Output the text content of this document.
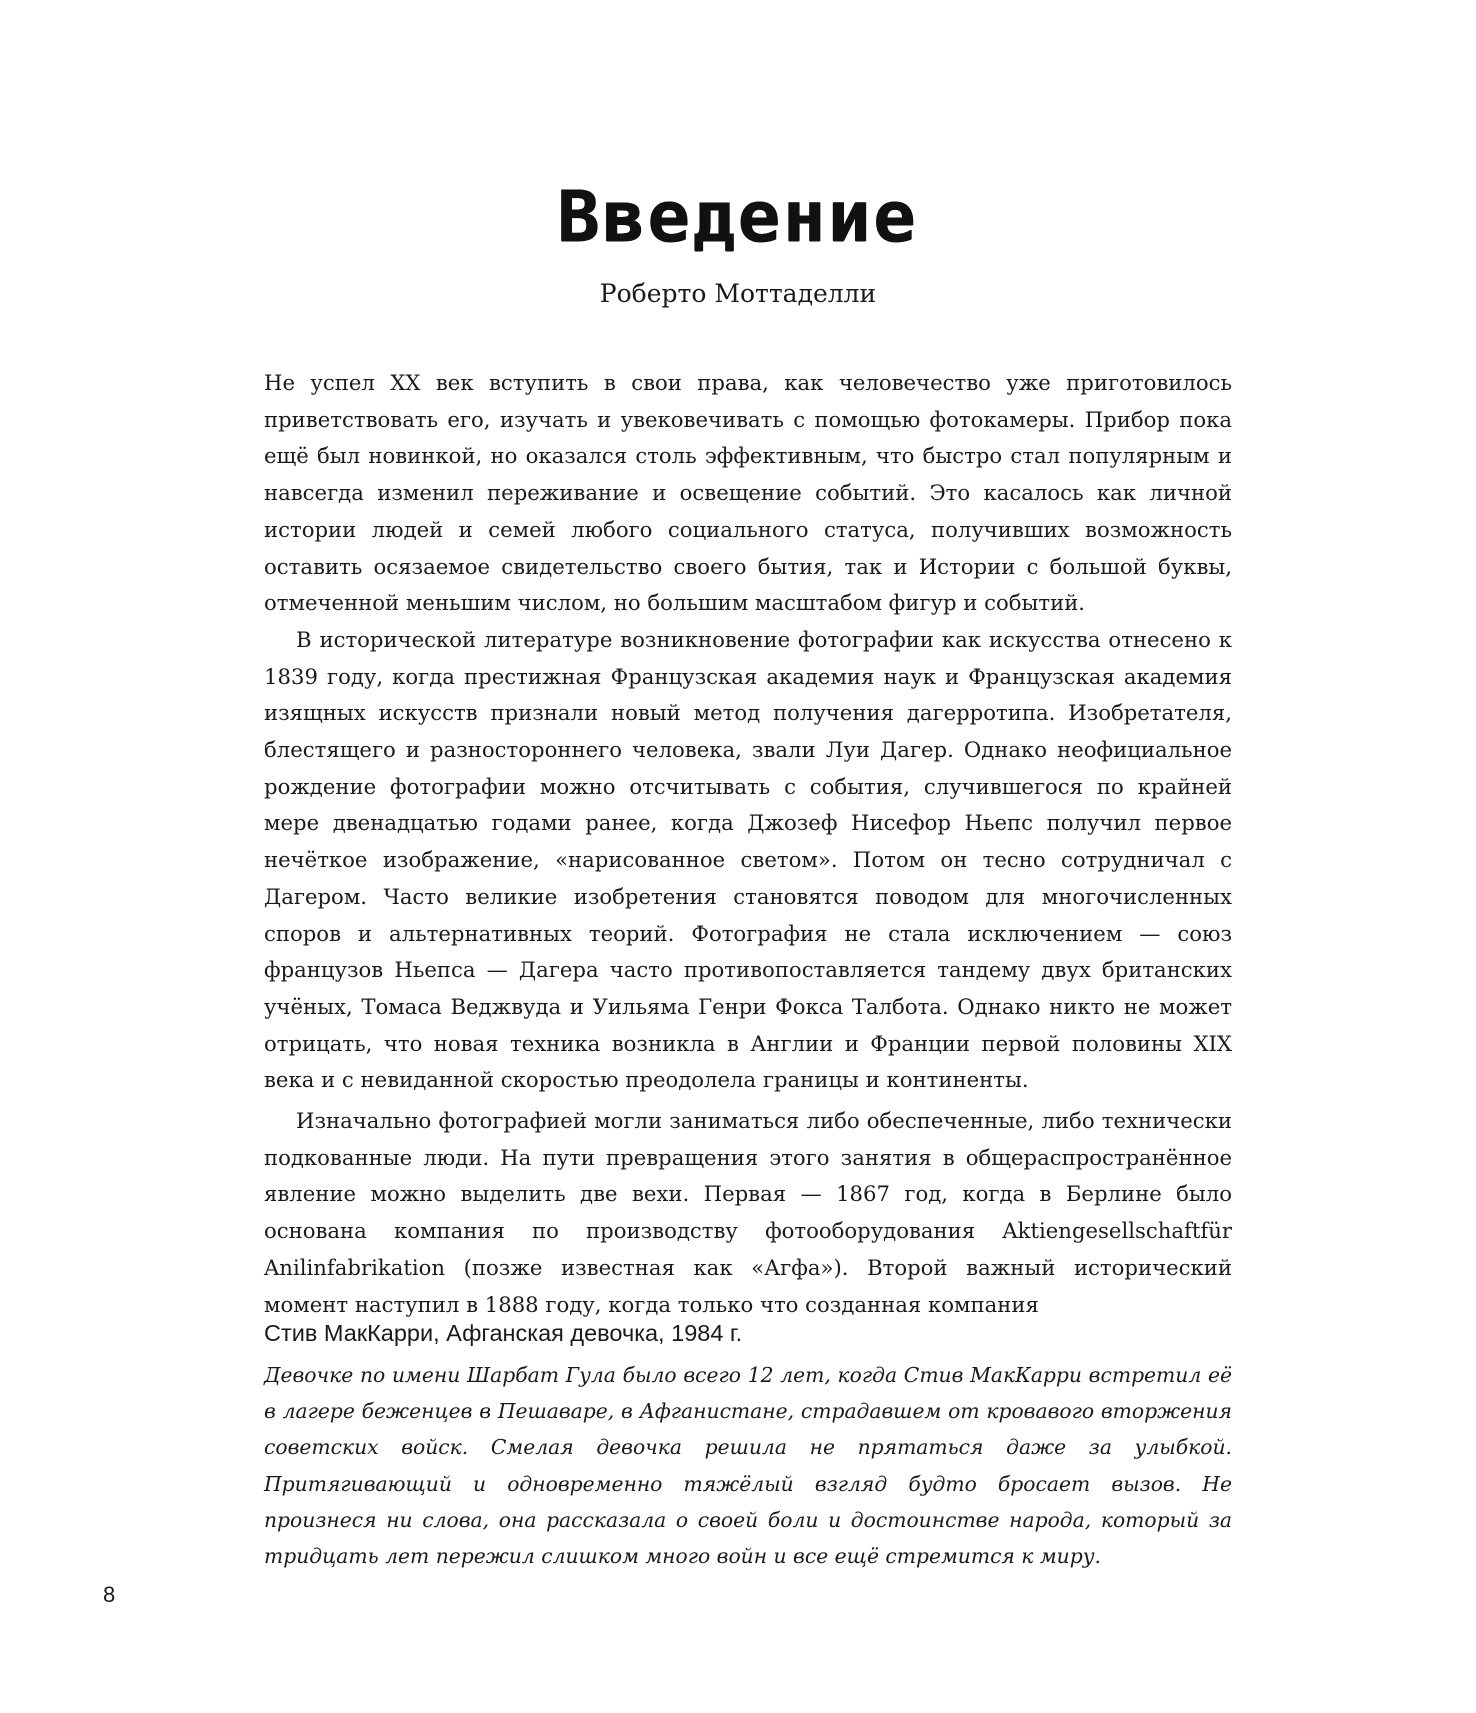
Введение

Роберто Моттаделли

Не успел XX век вступить в свои права, как человечество уже приготовилось приветствовать его, изучать и увековечивать с помощью фотокамеры. Прибор пока ещё был новинкой, но оказался столь эффективным, что быстро стал популярным и навсегда изменил переживание и освещение событий. Это касалось как личной истории людей и семей любого социального статуса, получивших возможность оставить осязаемое свидетельство своего бытия, так и Истории с большой буквы, отмеченной меньшим числом, но большим масштабом фигур и событий.

В исторической литературе возникновение фотографии как искусства отнесено к 1839 году, когда престижная Французская академия наук и Французская академия изящных искусств признали новый метод получения дагерротипа. Изобретателя, блестящего и разностороннего человека, звали Луи Дагер. Однако неофициальное рождение фотографии можно отсчитывать с события, случившегося по крайней мере двенадцатью годами ранее, когда Джозеф Нисефор Ньепс получил первое нечёткое изображение, «нарисованное светом». Потом он тесно сотрудничал с Дагером. Часто великие изобретения становятся поводом для многочисленных споров и альтернативных теорий. Фотография не стала исключением — союз французов Ньепса — Дагера часто противопоставляется тандему двух британских учёных, Томаса Веджвуда и Уильяма Генри Фокса Талбота. Однако никто не может отрицать, что новая техника возникла в Англии и Франции первой половины XIX века и с невиданной скоростью преодолела границы и континенты.

Изначально фотографией могли заниматься либо обеспеченные, либо технически подкованные люди. На пути превращения этого занятия в общераспространённое явление можно выделить две вехи. Первая — 1867 год, когда в Берлине было основана компания по производству фотооборудования Aktiengesellschaftfür Anilinfabrikation (позже известная как «Агфа»). Второй важный исторический момент наступил в 1888 году, когда только что созданная компания

Стив МакКарри, Афганская девочка, 1984 г.

Девочке по имени Шарбат Гула было всего 12 лет, когда Стив МакКарри встретил её в лагере беженцев в Пешаваре, в Афганистане, страдавшем от кровавого вторжения советских войск. Смелая девочка решила не прятаться даже за улыбкой. Притягивающий и одновременно тяжёлый взгляд будто бросает вызов. Не произнеся ни слова, она рассказала о своей боли и достоинстве народа, который за тридцать лет пережил слишком много войн и все ещё стремится к миру.

8
